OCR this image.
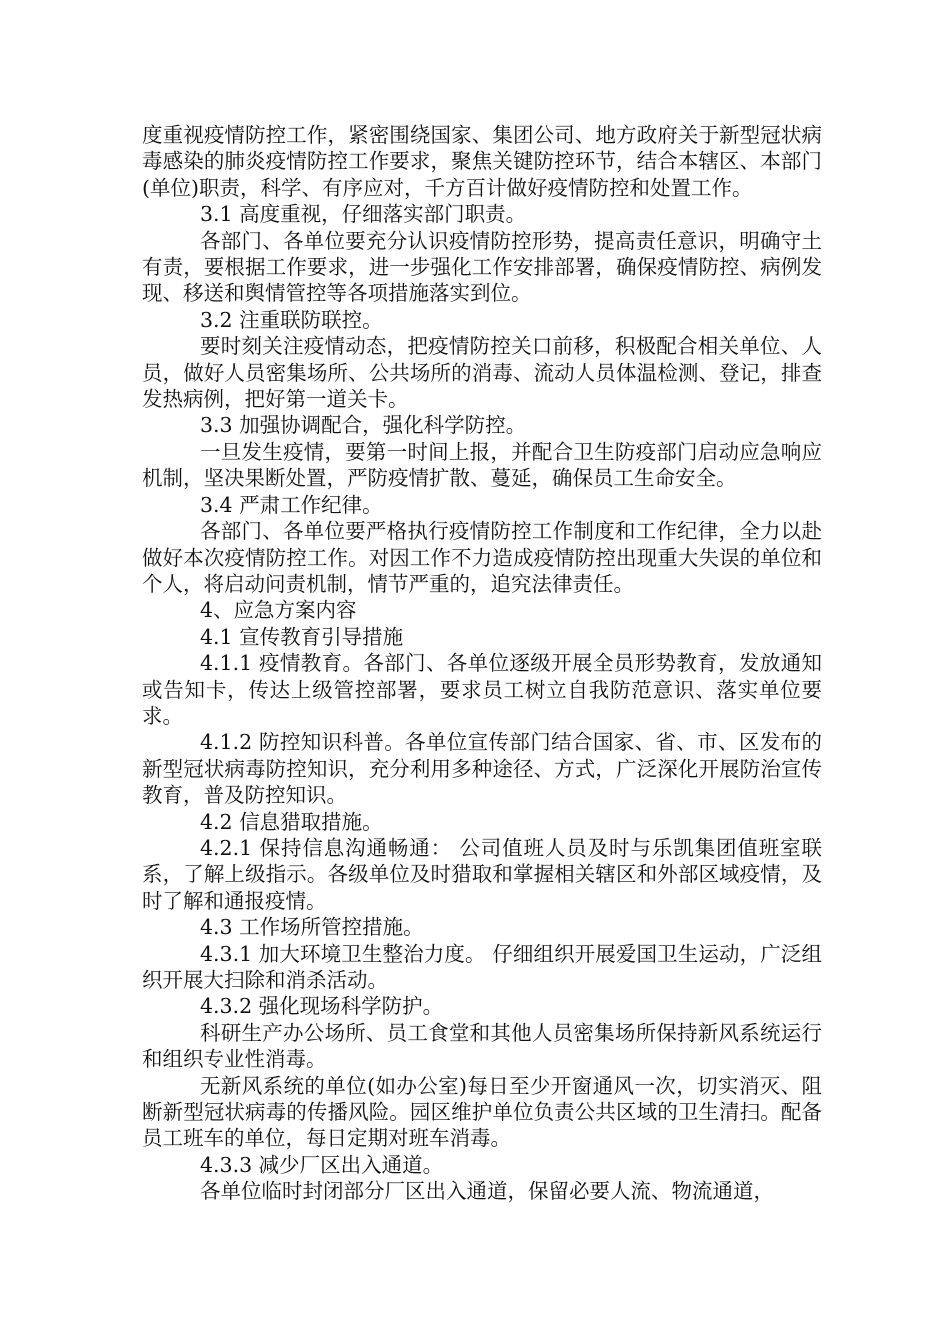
度重视疫情防控工作，紧密围绕国家、集团公司、地方政府关于新型冠状病毒感染的肺炎疫情防控工作要求，聚焦关键防控环节，结合本辖区、本部门(单位)职责，科学、有序应对，千方百计做好疫情防控和处置工作。

3.1 高度重视，仔细落实部门职责。

各部门、各单位要充分认识疫情防控形势，提高责任意识，明确守土有责，要根据工作要求，进一步强化工作安排部署，确保疫情防控、病例发现、移送和舆情管控等各项措施落实到位。

3.2 注重联防联控。

要时刻关注疫情动态，把疫情防控关口前移，积极配合相关单位、人员，做好人员密集场所、公共场所的消毒、流动人员体温检测、登记，排查发热病例，把好第一道关卡。

3.3 加强协调配合，强化科学防控。

一旦发生疫情，要第一时间上报，并配合卫生防疫部门启动应急响应机制，坚决果断处置，严防疫情扩散、蔓延，确保员工生命安全。

3.4 严肃工作纪律。

各部门、各单位要严格执行疫情防控工作制度和工作纪律，全力以赴做好本次疫情防控工作。对因工作不力造成疫情防控出现重大失误的单位和个人，将启动问责机制，情节严重的，追究法律责任。

4、应急方案内容

4.1 宣传教育引导措施

4.1.1 疫情教育。各部门、各单位逐级开展全员形势教育，发放通知或告知卡，传达上级管控部署，要求员工树立自我防范意识、落实单位要求。

4.1.2 防控知识科普。各单位宣传部门结合国家、省、市、区发布的新型冠状病毒防控知识，充分利用多种途径、方式，广泛深化开展防治宣传教育，普及防控知识。

4.2 信息猎取措施。

4.2.1 保持信息沟通畅通： 公司值班人员及时与乐凯集团值班室联系，了解上级指示。各级单位及时猎取和掌握相关辖区和外部区域疫情，及时了解和通报疫情。

4.3 工作场所管控措施。

4.3.1 加大环境卫生整治力度。 仔细组织开展爱国卫生运动，广泛组织开展大扫除和消杀活动。

4.3.2 强化现场科学防护。

科研生产办公场所、员工食堂和其他人员密集场所保持新风系统运行和组织专业性消毒。

无新风系统的单位(如办公室)每日至少开窗通风一次，切实消灭、阻断新型冠状病毒的传播风险。园区维护单位负责公共区域的卫生清扫。配备员工班车的单位，每日定期对班车消毒。

4.3.3 减少厂区出入通道。

各单位临时封闭部分厂区出入通道，保留必要人流、物流通道，
